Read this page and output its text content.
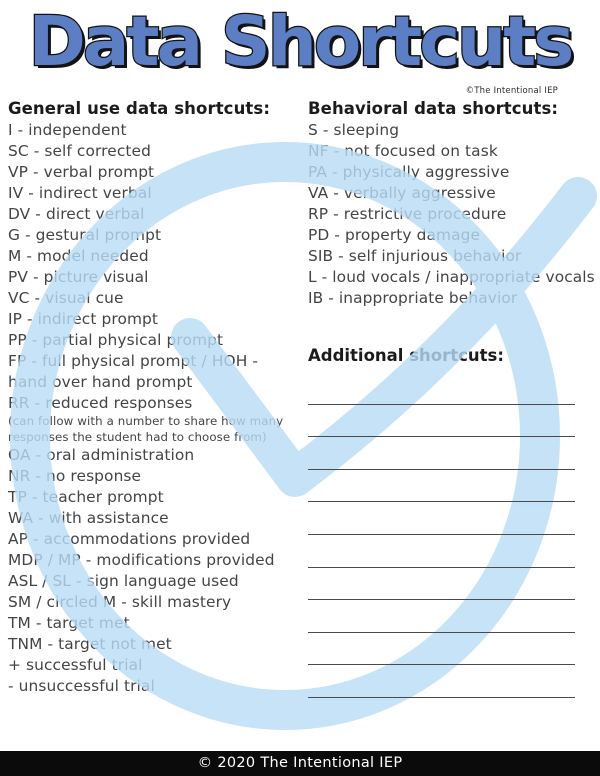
Data Shortcuts
©The Intentional IEP
General use data shortcuts:
I - independent
SC - self corrected
VP - verbal prompt
IV - indirect verbal
DV - direct verbal
G - gestural prompt
M - model needed
PV - picture visual
VC - visual cue
IP - indirect prompt
PP - partial physical prompt
FP - full physical prompt / HOH - hand over hand prompt
RR - reduced responses
(can follow with a number to share how many responses the student had to choose from)
OA - oral administration
NR - no response
TP - teacher prompt
WA - with assistance
AP - accommodations provided
MDP / MP - modifications provided
ASL / SL - sign language used
SM / circled M - skill mastery
TM - target met
TNM - target not met
+ successful trial
- unsuccessful trial
Behavioral data shortcuts:
S - sleeping
NF - not focused on task
PA - physically aggressive
VA - verbally aggressive
RP - restrictive procedure
PD - property damage
SIB - self injurious behavior
L - loud vocals / inappropriate vocals
IB - inappropriate behavior
Additional shortcuts:
© 2020 The Intentional IEP
